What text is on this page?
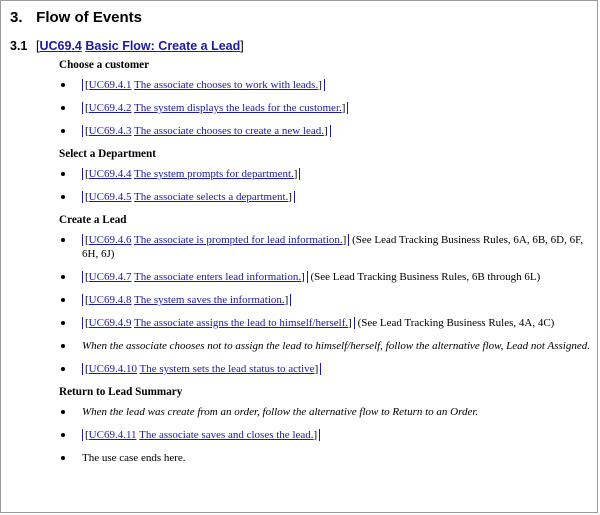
3. Flow of Events
3.1 [UC69.4 Basic Flow: Create a Lead]
Choose a customer
[UC69.4.1 The associate chooses to work with leads.]
[UC69.4.2 The system displays the leads for the customer.]
[UC69.4.3 The associate chooses to create a new lead.]
Select a Department
[UC69.4.4 The system prompts for department.]
[UC69.4.5 The associate selects a department.]
Create a Lead
[UC69.4.6 The associate is prompted for lead information.] (See Lead Tracking Business Rules, 6A, 6B, 6D, 6F, 6H, 6J)
[UC69.4.7 The associate enters lead information.] (See Lead Tracking Business Rules, 6B through 6L)
[UC69.4.8 The system saves the information.]
[UC69.4.9 The associate assigns the lead to himself/herself.] (See Lead Tracking Business Rules, 4A, 4C)
When the associate chooses not to assign the lead to himself/herself, follow the alternative flow, Lead not Assigned.
[UC69.4.10 The system sets the lead status to active]
Return to Lead Summary
When the lead was create from an order, follow the alternative flow to Return to an Order.
[UC69.4.11 The associate saves and closes the lead.]
The use case ends here.
